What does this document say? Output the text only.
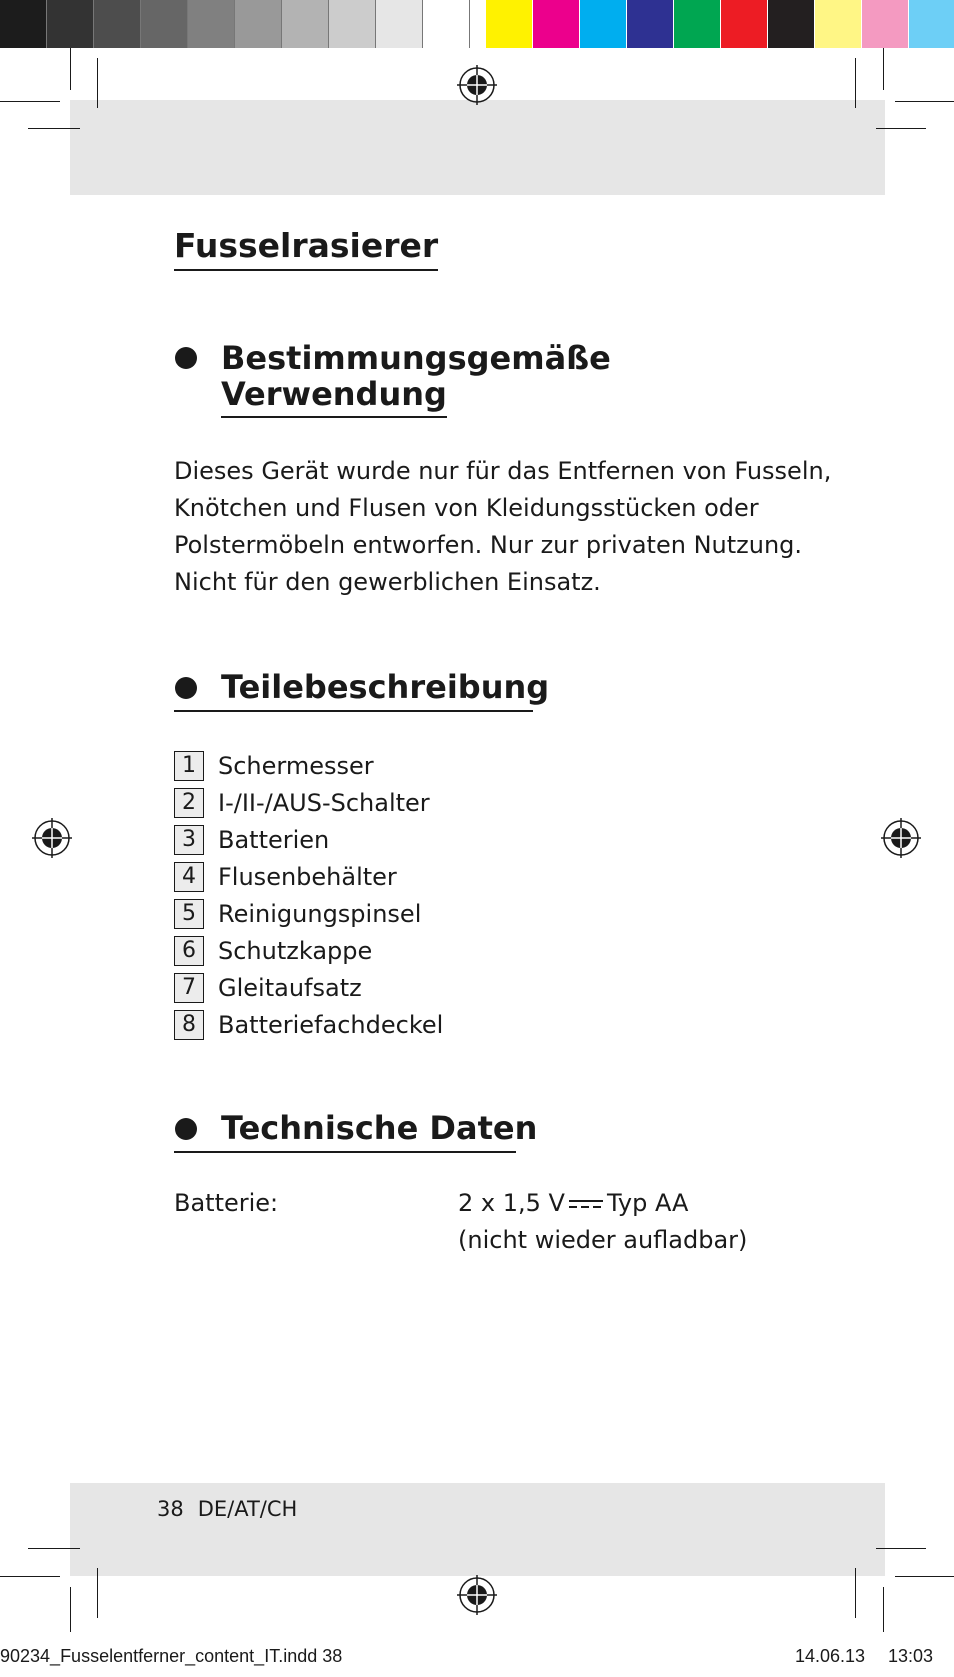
Fusselrasierer
Bestimmungsgemäße
Verwendung

Dieses Gerät wurde nur für das Entfernen von Fusseln,
Knötchen und Flusen von Kleidungsstücken oder
Polstermöbeln entworfen. Nur zur privaten Nutzung.
Nicht für den gewerblichen Einsatz.

Teilebeschreibung
1 Schermesser
2 I-/II-/AUS-Schalter
3 Batterien
4 Flusenbehälter
5 Reinigungspinsel
6 Schutzkappe
7 Gleitaufsatz
8 Batteriefachdeckel
Technische Daten
Batterie:	2 x 1,5 V Typ AA
(nicht wieder aufladbar)
38 DE/AT/CH
90234_Fusselentferner_content_IT.indd 38	14.06.13 13:03
